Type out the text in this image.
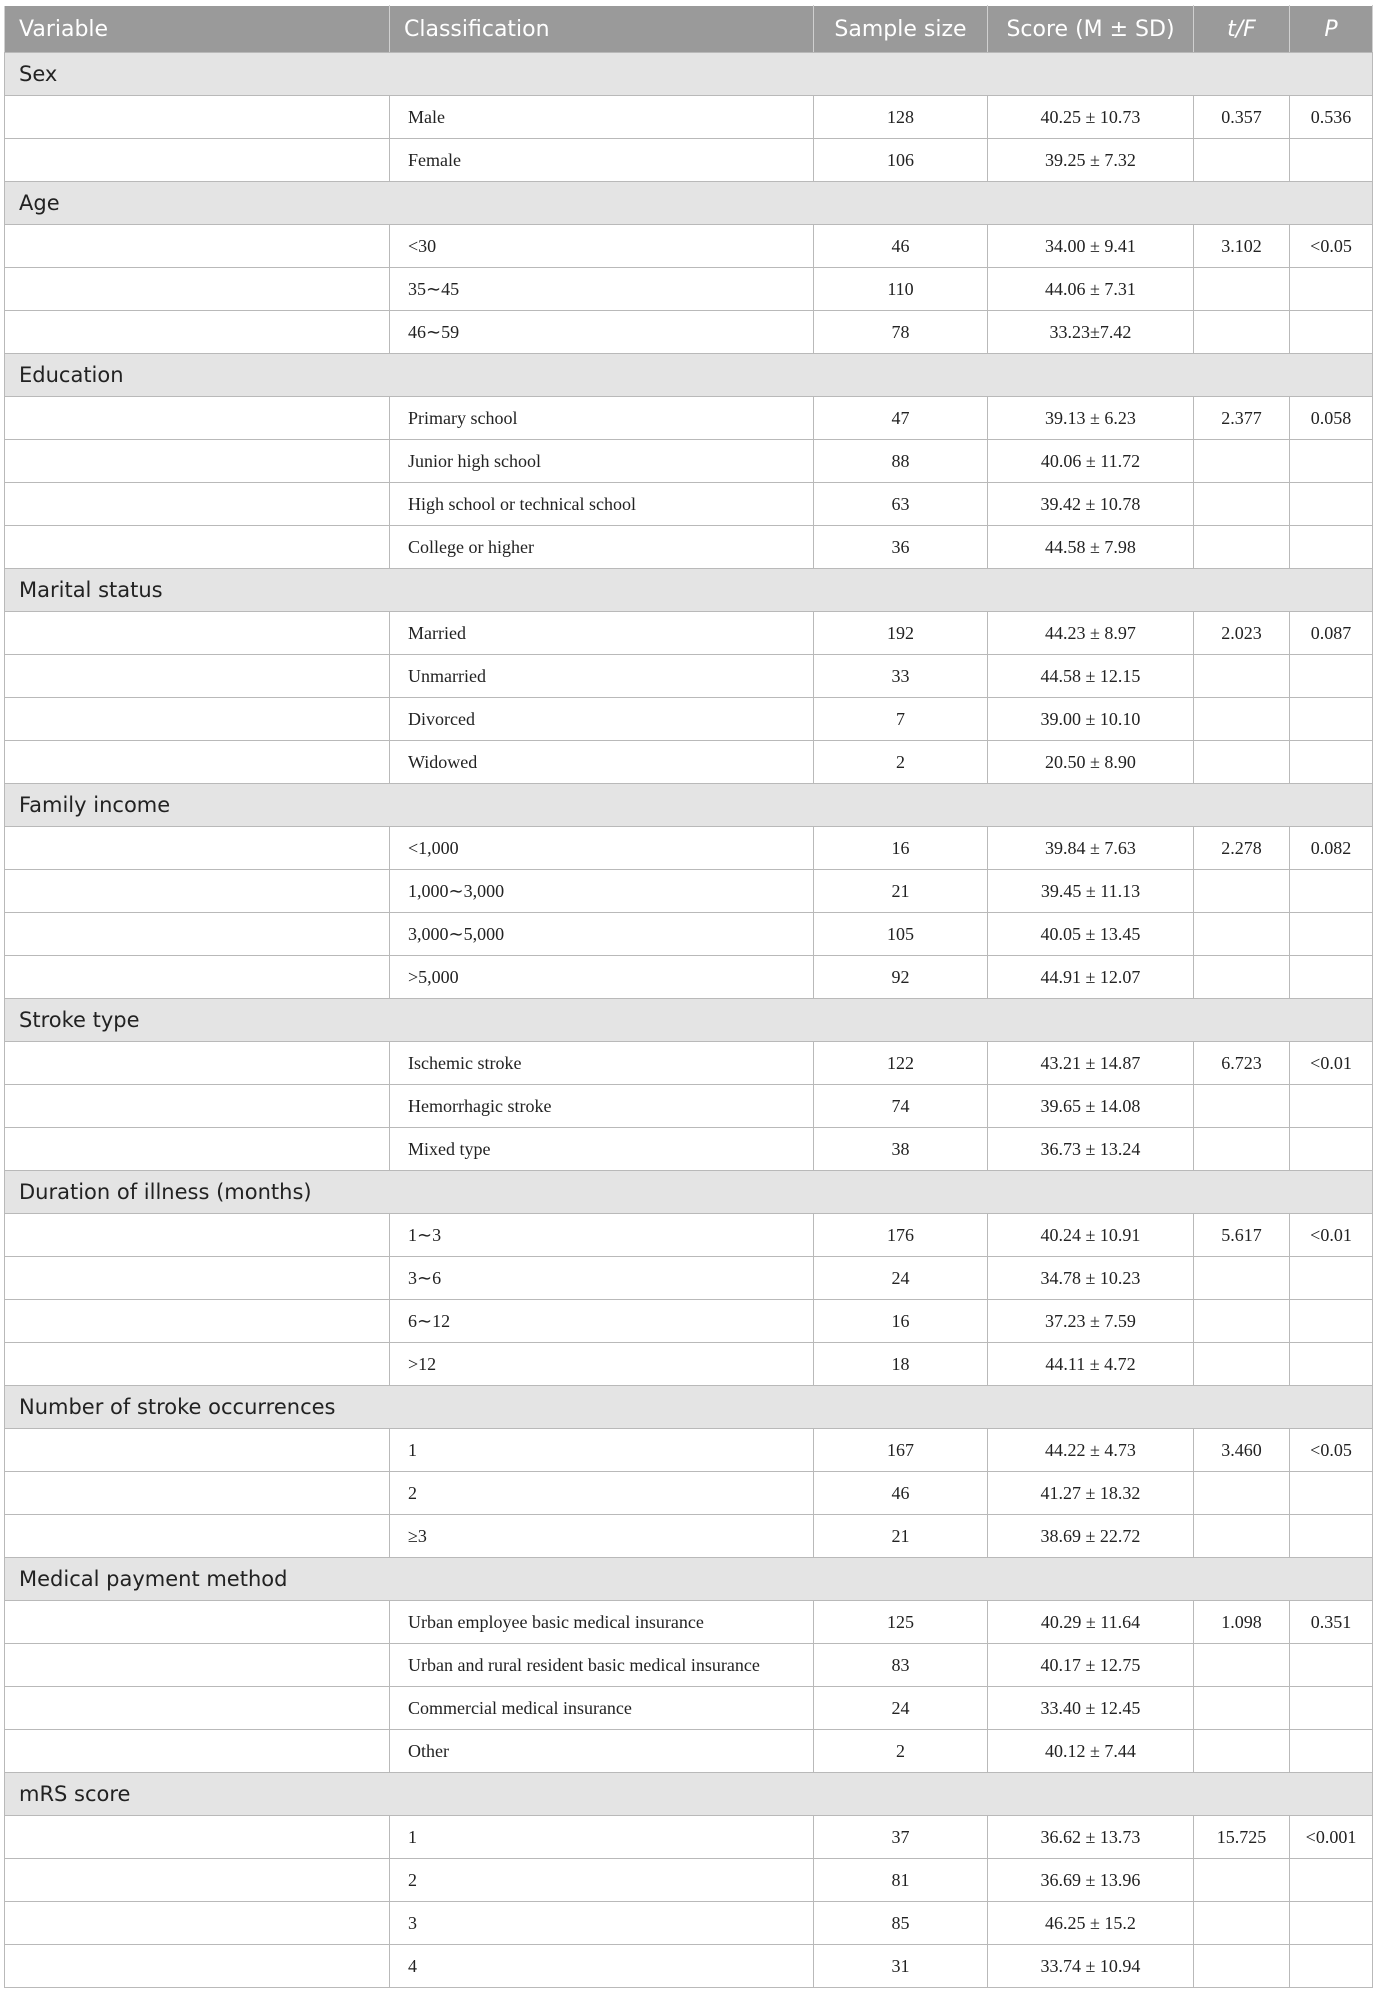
Variable	Classification	Sample size	Score (M ± SD)	t/F	P
Sex					
	Male	128	40.25 ± 10.73	0.357	0.536
	Female	106	39.25 ± 7.32		
Age					
	<30	46	34.00 ± 9.41	3.102	<0.05
	35∼45	110	44.06 ± 7.31		
	46∼59	78	33.23±7.42		
Education					
	Primary school	47	39.13 ± 6.23	2.377	0.058
	Junior high school	88	40.06 ± 11.72		
	High school or technical school	63	39.42 ± 10.78		
	College or higher	36	44.58 ± 7.98		
Marital status					
	Married	192	44.23 ± 8.97	2.023	0.087
	Unmarried	33	44.58 ± 12.15		
	Divorced	7	39.00 ± 10.10		
	Widowed	2	20.50 ± 8.90		
Family income					
	<1,000	16	39.84 ± 7.63	2.278	0.082
	1,000∼3,000	21	39.45 ± 11.13		
	3,000∼5,000	105	40.05 ± 13.45		
	>5,000	92	44.91 ± 12.07		
Stroke type					
	Ischemic stroke	122	43.21 ± 14.87	6.723	<0.01
	Hemorrhagic stroke	74	39.65 ± 14.08		
	Mixed type	38	36.73 ± 13.24		
Duration of illness (months)					
	1∼3	176	40.24 ± 10.91	5.617	<0.01
	3∼6	24	34.78 ± 10.23		
	6∼12	16	37.23 ± 7.59		
	>12	18	44.11 ± 4.72		
Number of stroke occurrences					
	1	167	44.22 ± 4.73	3.460	<0.05
	2	46	41.27 ± 18.32		
	≥3	21	38.69 ± 22.72		
Medical payment method					
	Urban employee basic medical insurance	125	40.29 ± 11.64	1.098	0.351
	Urban and rural resident basic medical insurance	83	40.17 ± 12.75		
	Commercial medical insurance	24	33.40 ± 12.45		
	Other	2	40.12 ± 7.44		
mRS score					
	1	37	36.62 ± 13.73	15.725	<0.001
	2	81	36.69 ± 13.96		
	3	85	46.25 ± 15.2		
	4	31	33.74 ± 10.94		
